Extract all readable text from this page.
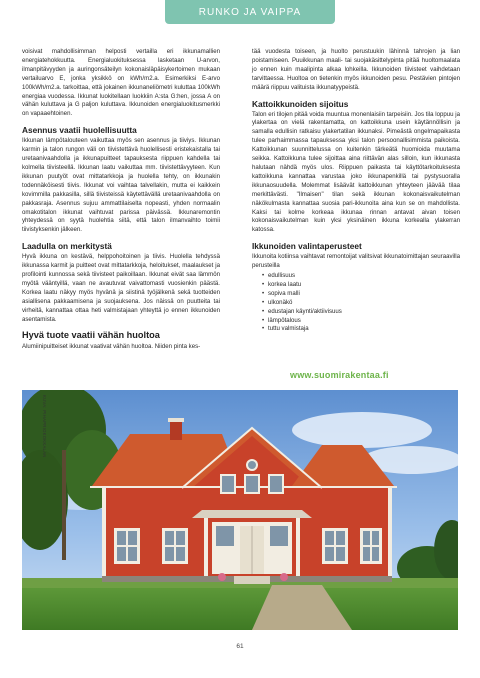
RUNKO JA VAIPPA

voisivat mahdollisimman helposti vertailla eri ikkunamallien energiatehokkuutta. Energialuokituksessa lasketaan U-arvon, ilmanpitävyyden ja auringonsäteilyn kokonaisläpäisykertoimen mukaan vertailuarvo E, jonka yksikkö on kWh/m2.a. Esimerkiksi E-arvo 100kWh/m2.a. tarkoittaa, että jokainen ikkunaneliömetri kuluttaa 100kWh energiaa vuodessa. Ikkunat luokitellaan luokkiin A:sta G:hen, jossa A on vähän kuluttava ja G paljon kuluttava. Ikkunoiden energialuokitusmerkki on vapaaehtoinen.

Asennus vaatii huolellisuutta

Ikkunan lämpötalouteen vaikuttaa myös sen asennus ja tiiviys. Ikkunan karmin ja talon rungon väli on tiivistettävä huolellisesti eristekaistalla tai uretaanivaahdolla ja ikkunapuitteet tapauksesta riippuen kahdella tai kolmella tiivisteellä. Ikkunan laatu vaikuttaa mm. tiivistettävyyteen. Kun ikkunan puutyöt ovat mittatarkkoja ja huolella tehty, on ikkunakin todennäköisesti tiivis. Ikkunat voi vaihtaa talvellakin, mutta ei kaikkein kovimmilla pakkasilla, sillä tiivisteissä käytettävällä uretaanivaahdolla on pakkasraja. Asennus sujuu ammattilaiselta nopeasti, yhden normaalin omakotitalon ikkunat vaihtuvat parissa päivässä. Ikkunaremontin yhteydessä on syytä huolehtia siitä, että talon ilmanvaihto toimii tiivistyksenkin jälkeen.

Laadulla on merkitystä

Hyvä ikkuna on kestävä, helppohoitoinen ja tiivis. Huolella tehdyssä ikkunassa karmit ja puitteet ovat mittatarkkoja, heloitukset, maalaukset ja profilointi kunnossa sekä tiivisteet paikoillaan. Ikkunat eivät saa lämmön myötä vääntyillä, vaan ne avautuvat vaivattomasti vuosienkin päästä. Korkea laatu näkyy myös hyvänä ja siistinä työjälkenä sekä tuotteiden asiallisena pakkaamisena ja suojauksena. Jos näissä on puutteita tai virheitä, kannattaa ottaa heti valmistajaan yhteyttä jo ennen ikkunoiden asentamista.

Hyvä tuote vaatii vähän huoltoa

Alumiinipuitteiset ikkunat vaativat vähän huoltoa. Niiden pinta kes-

tää vuodesta toiseen, ja huolto perustuukin lähinnä tahrojen ja lian poistamiseen. Puuikkunan maali- tai suojakäsittelypinta pitää huoltomaalata jo ennen kuin maalipinta alkaa lohkeilla. Ikkunoiden tiivisteet vaihdetaan tarvittaessa. Huoltoa on tietenkin myös ikkunoiden pesu. Pestävien pintojen määrä riippuu valituista ikkunatyypeistä.

Kattoikkunoiden sijoitus

Talon eri tilojen pitää voida muuntua monenlaisiin tarpeisiin. Jos tila loppuu ja ylakertaa on vielä rakentamatta, on kattoikkuna usein käytännöllisin ja samalla edullisin ratkaisu ylakertatilan ikkunaksi. Pimeästä ongelmapaikasta tulee parhaimmassa tapauksessa yksi talon persoonallisimmista paikoista. Kattoikkunan suunnittelussa on kuitenkin tärkeätä huomioida muutama seikka. Kattoikkuna tulee sijoittaa aina riittävän alas silloin, kun ikkunasta halutaan nähdä myös ulos. Riippuen paikasta tai käyttötarkoituksesta kattoikkuna kannattaa varustaa joko ikkunapenkillä tai pystysuoralla ikkunaosuudella. Molemmat lisäävät kattoikkunan yhteyteen jäävää tilaa merkittävästi. "Ilmaisen" tilan sekä ikkunan kokonaisvaikutelman näkökulmasta kannattaa suosia pari-ikkunoita aina kun se on mahdollista. Kaksi tai kolme korkeaa ikkunaa rinnan antavat aivan toisen kokonaisvaikutelman kuin yksi yksinäinen ikkuna korkealla ylakerran katossa.

Ikkunoiden valintaperusteet

Ikkunoita kotiinsa vaihtavat remontoijat valitsivat ikkunatoimittajan seuraavilla perusteilla

• edullisuus
• korkea laatu
• sopiva malli
• ulkonäkö
• edustajan käynti/aktiivisuus
• lämpötalous
• tuttu valmistaja
www.suomirakentaa.fi
KUVA: PIHAPRIOKOKKALAN
61
